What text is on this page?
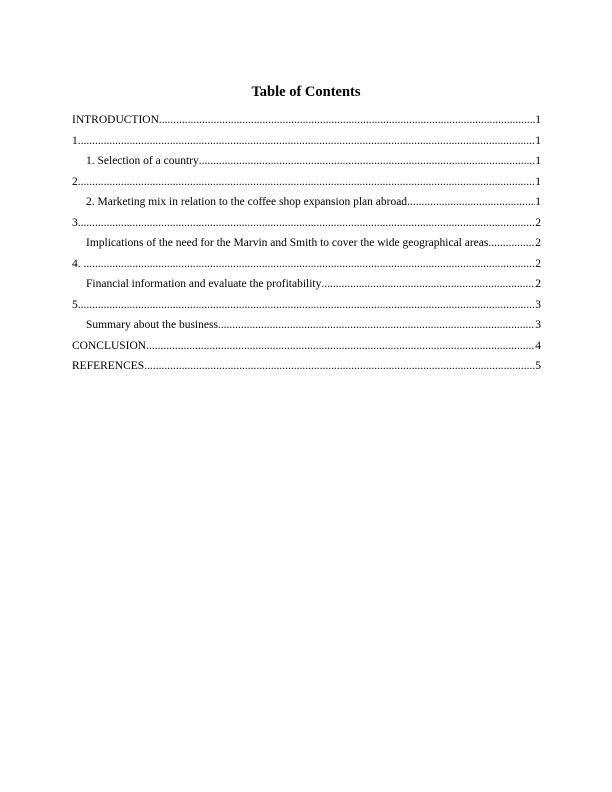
Table of Contents
INTRODUCTION .....	1
1 .....	1
1. Selection of a country .....	1
2 .....	1
2. Marketing mix in relation to the coffee shop expansion plan abroad .....	1
3 .....	2
Implications of the need for the Marvin and Smith to cover the wide geographical areas .....	2
4. .....	2
Financial information and evaluate the profitability .....	2
5 .....	3
Summary about the business .....	3
CONCLUSION .....	4
REFERENCES .....	5
